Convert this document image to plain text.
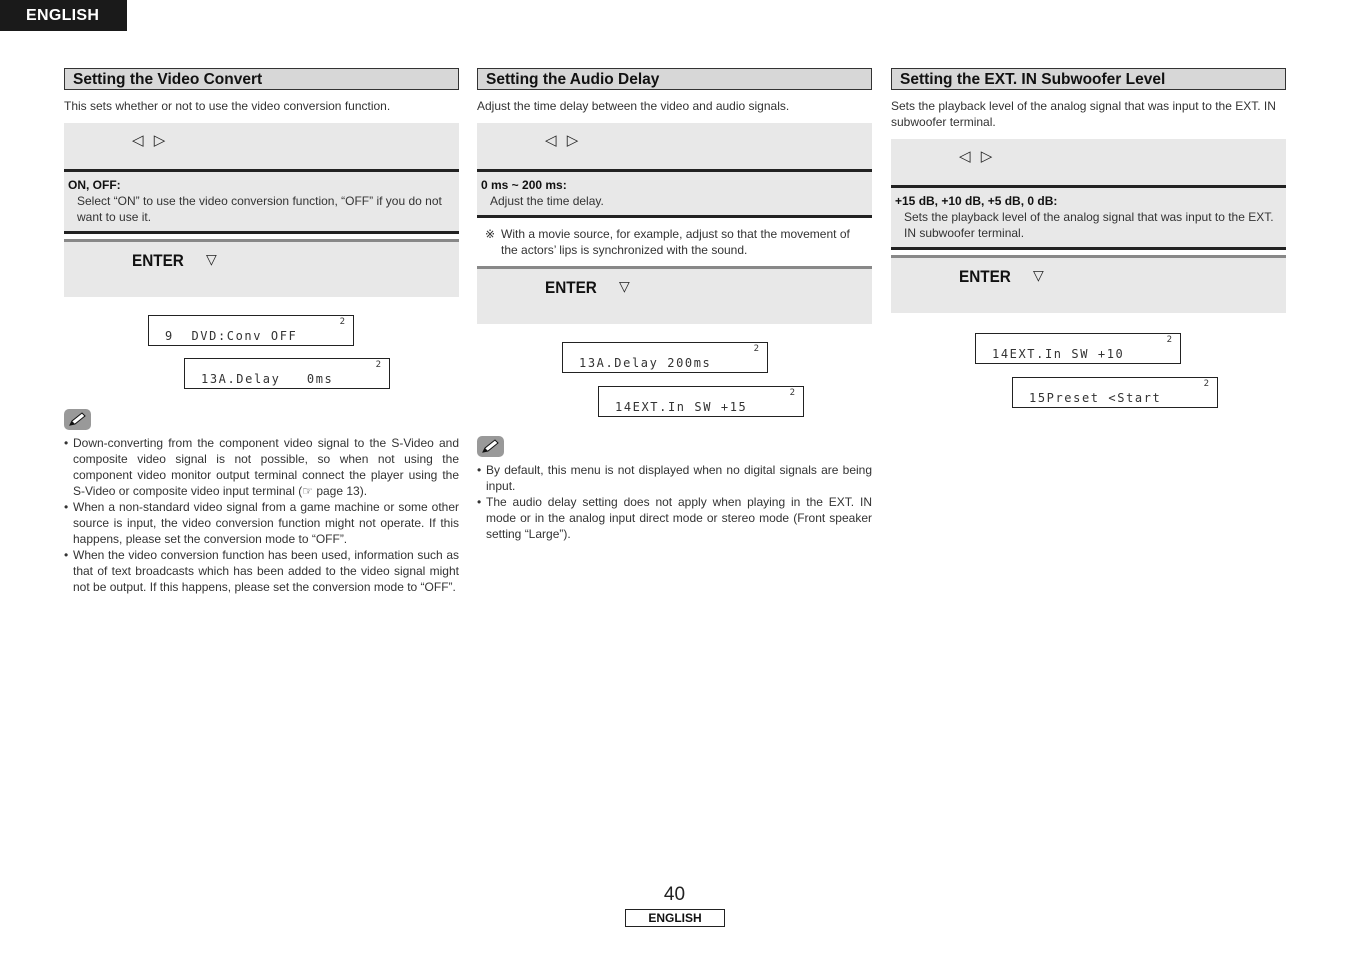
ENGLISH
Setting the Video Convert
This sets whether or not to use the video conversion function.
◁ ▷
ON, OFF:
Select “ON” to use the video conversion function, “OFF” if you do not want to use it.
ENTER ▽
9  DVD:Conv OFF
2
13A.Delay   0ms
2
• Down-converting from the component video signal to the S-Video and composite video signal is not possible, so when not using the component video monitor output terminal connect the player using the S-Video or composite video input terminal (☞ page 13).
• When a non-standard video signal from a game machine or some other source is input, the video conversion function might not operate. If this happens, please set the conversion mode to “OFF”.
• When the video conversion function has been used, information such as that of text broadcasts which has been added to the video signal might not be output. If this happens, please set the conversion mode to “OFF”.
Setting the Audio Delay
Adjust the time delay between the video and audio signals.
◁ ▷
0 ms ~ 200 ms:
Adjust the time delay.
※ With a movie source, for example, adjust so that the movement of the actors’ lips is synchronized with the sound.
ENTER ▽
13A.Delay 200ms
2
14EXT.In SW +15
2
• By default, this menu is not displayed when no digital signals are being input.
• The audio delay setting does not apply when playing in the EXT. IN mode or in the analog input direct mode or stereo mode (Front speaker setting “Large”).
Setting the EXT. IN Subwoofer Level
Sets the playback level of the analog signal that was input to the EXT. IN subwoofer terminal.
◁ ▷
+15 dB, +10 dB, +5 dB, 0 dB:
Sets the playback level of the analog signal that was input to the EXT. IN subwoofer terminal.
ENTER ▽
14EXT.In SW +10
2
15Preset <Start
2
40
ENGLISH
